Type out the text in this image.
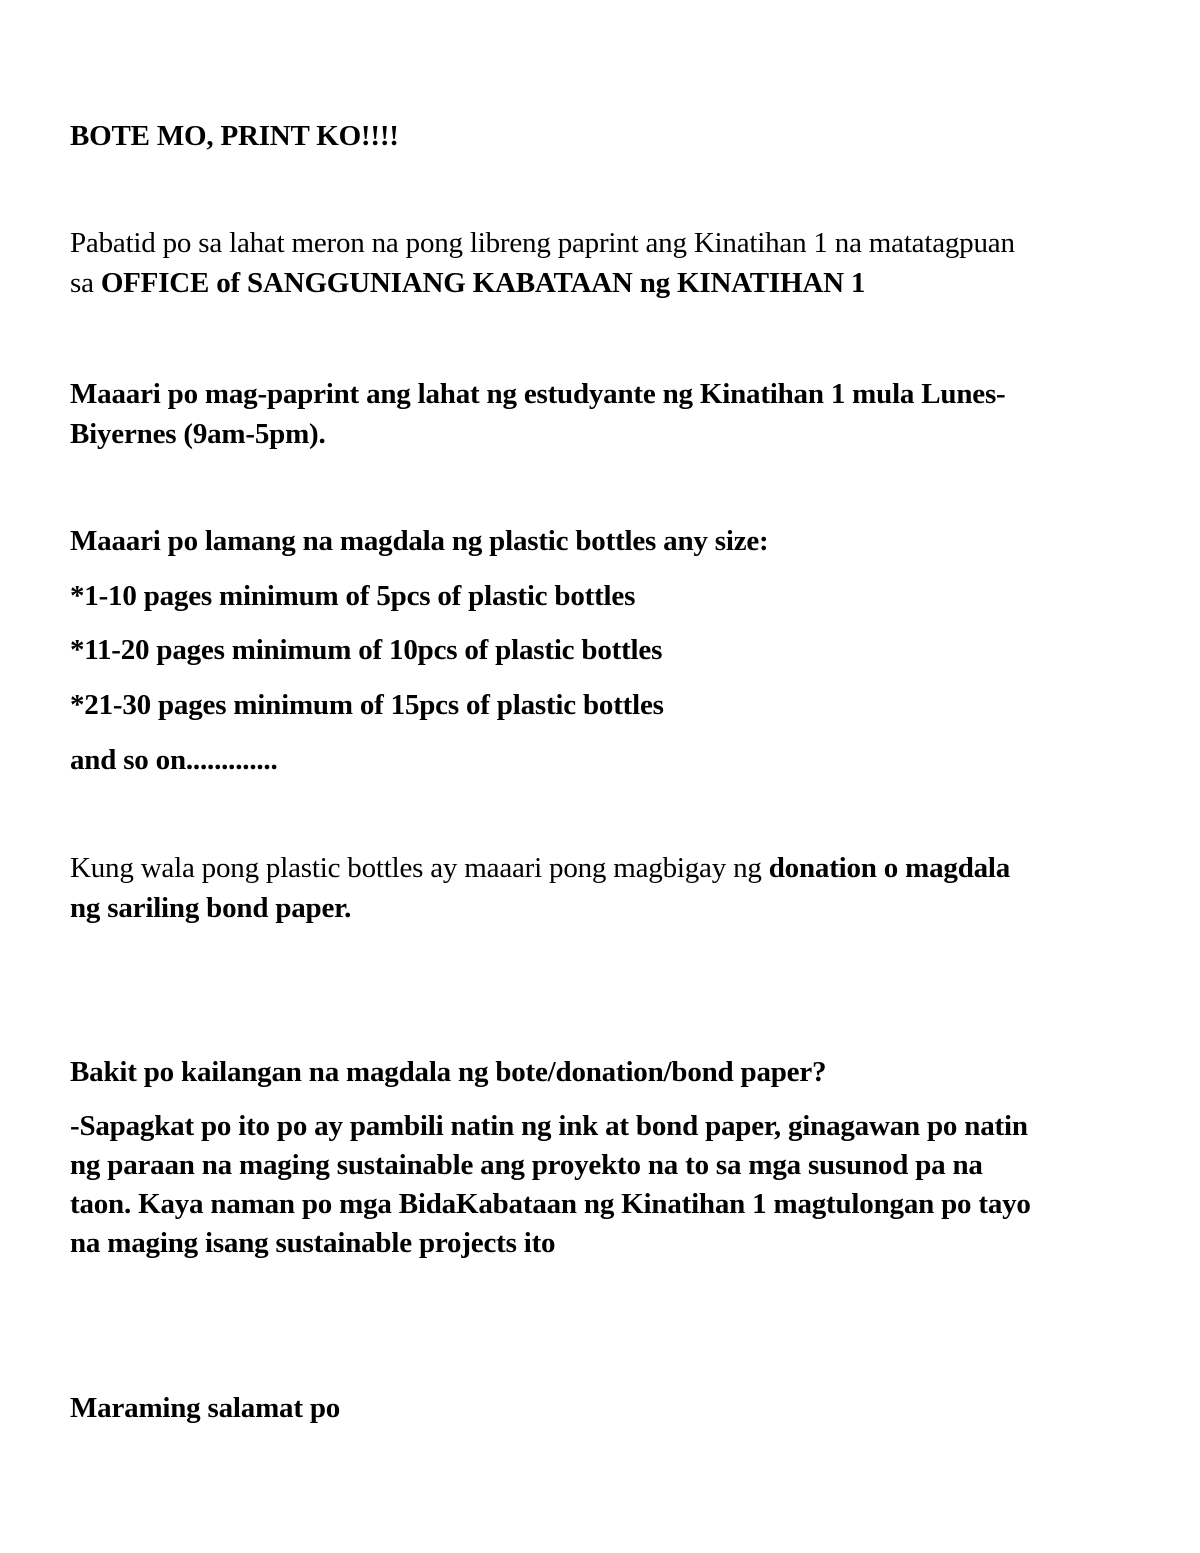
BOTE MO, PRINT KO!!!!
Pabatid po sa lahat meron na pong libreng paprint ang Kinatihan 1 na matatagpuan
sa OFFICE of SANGGUNIANG KABATAAN ng KINATIHAN 1
Maaari po mag-paprint ang lahat ng estudyante ng Kinatihan 1 mula Lunes-
Biyernes (9am-5pm).
Maaari po lamang na magdala ng plastic bottles any size:
*1-10 pages minimum of 5pcs of plastic bottles
*11-20 pages minimum of 10pcs of plastic bottles
*21-30 pages minimum of 15pcs of plastic bottles
and so on.............
Kung wala pong plastic bottles ay maaari pong magbigay ng donation o magdala
ng sariling bond paper.
Bakit po kailangan na magdala ng bote/donation/bond paper?
-Sapagkat po ito po ay pambili natin ng ink at bond paper, ginagawan po natin
ng paraan na maging sustainable ang proyekto na to sa mga susunod pa na
taon. Kaya naman po mga BidaKabataan ng Kinatihan 1 magtulongan po tayo
na maging isang sustainable projects ito
Maraming salamat po
